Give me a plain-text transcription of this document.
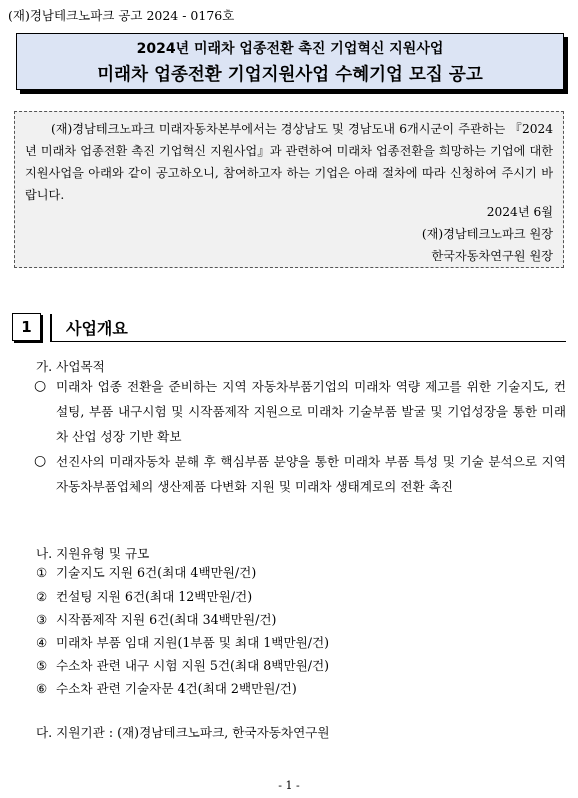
(재)경남테크노파크 공고 2024 - 0176호
2024년 미래차 업종전환 촉진 기업혁신 지원사업
미래차 업종전환 기업지원사업 수혜기업 모집 공고

(재)경남테크노파크 미래자동차본부에서는 경상남도 및 경남도내 6개시군이 주관하는 『2024년 미래차 업종전환 촉진 기업혁신 지원사업』과 관련하여 미래차 업종전환을 희망하는 기업에 대한 지원사업을 아래와 같이 공고하오니, 참여하고자 하는 기업은 아래 절차에 따라 신청하여 주시기 바랍니다.

2024년 6월
(재)경남테크노파크 원장
한국자동차연구원 원장
1	사업개요
가. 사업목적
○ 미래차 업종 전환을 준비하는 지역 자동차부품기업의 미래차 역량 제고를 위한 기술지도, 컨설팅, 부품 내구시험 및 시작품제작 지원으로 미래차 기술부품 발굴 및 기업성장을 통한 미래차 산업 성장 기반 확보
○ 선진사의 미래자동차 분해 후 핵심부품 분양을 통한 미래차 부품 특성 및 기술 분석으로 지역 자동차부품업체의 생산제품 다변화 지원 및 미래차 생태계로의 전환 촉진
나. 지원유형 및 규모
① 기술지도 지원 6건(최대 4백만원/건)
② 컨설팅 지원 6건(최대 12백만원/건)
③ 시작품제작 지원 6건(최대 34백만원/건)
④ 미래차 부품 임대 지원(1부품 및 최대 1백만원/건)
⑤ 수소차 관련 내구 시험 지원 5건(최대 8백만원/건)
⑥ 수소차 관련 기술자문 4건(최대 2백만원/건)
다. 지원기관 : (재)경남테크노파크, 한국자동차연구원
- 1 -
